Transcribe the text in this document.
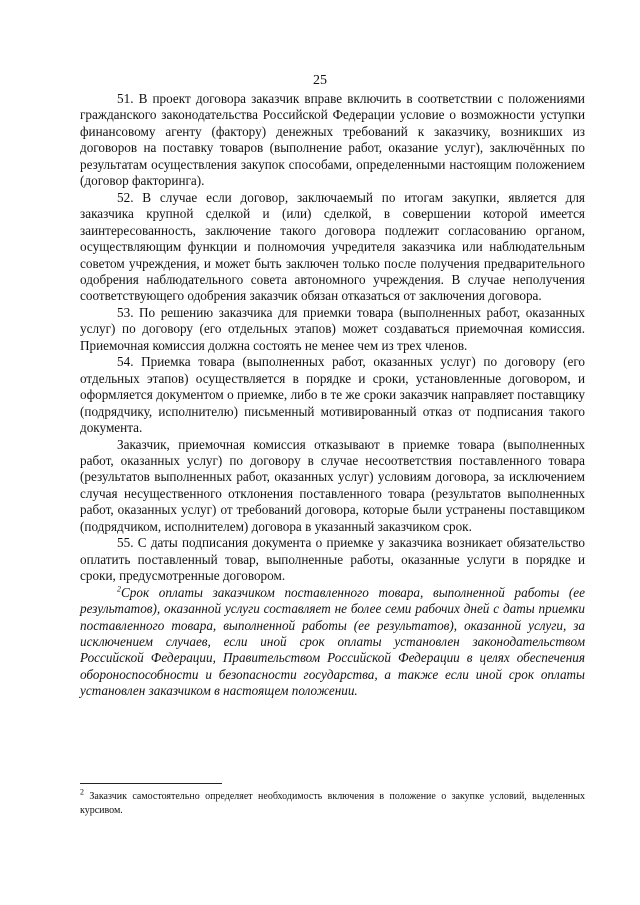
25

51. В проект договора заказчик вправе включить в соответствии с положениями гражданского законодательства Российской Федерации условие о возможности уступки финансовому агенту (фактору) денежных требований к заказчику, возникших из договоров на поставку товаров (выполнение работ, оказание услуг), заключённых по результатам осуществления закупок способами, определенными настоящим положением (договор факторинга).

52. В случае если договор, заключаемый по итогам закупки, является для заказчика крупной сделкой и (или) сделкой, в совершении которой имеется заинтересованность, заключение такого договора подлежит согласованию органом, осуществляющим функции и полномочия учредителя заказчика или наблюдательным советом учреждения, и может быть заключен только после получения предварительного одобрения наблюдательного совета автономного учреждения. В случае неполучения соответствующего одобрения заказчик обязан отказаться от заключения договора.

53. По решению заказчика для приемки товара (выполненных работ, оказанных услуг) по договору (его отдельных этапов) может создаваться приемочная комиссия. Приемочная комиссия должна состоять не менее чем из трех членов.

54. Приемка товара (выполненных работ, оказанных услуг) по договору (его отдельных этапов) осуществляется в порядке и сроки, установленные договором, и оформляется документом о приемке, либо в те же сроки заказчик направляет поставщику (подрядчику, исполнителю) письменный мотивированный отказ от подписания такого документа.

Заказчик, приемочная комиссия отказывают в приемке товара (выполненных работ, оказанных услуг) по договору в случае несоответствия поставленного товара (результатов выполненных работ, оказанных услуг) условиям договора, за исключением случая несущественного отклонения поставленного товара (результатов выполненных работ, оказанных услуг) от требований договора, которые были устранены поставщиком (подрядчиком, исполнителем) договора в указанный заказчиком срок.

55. С даты подписания документа о приемке у заказчика возникает обязательство оплатить поставленный товар, выполненные работы, оказанные услуги в порядке и сроки, предусмотренные договором.

$^2$Срок оплаты заказчиком поставленного товара, выполненной работы (ее результатов), оказанной услуги составляет не более семи рабочих дней с даты приемки поставленного товара, выполненной работы (ее результатов), оказанной услуги, за исключением случаев, если иной срок оплаты установлен законодательством Российской Федерации, Правительством Российской Федерации в целях обеспечения обороноспособности и безопасности государства, а также если иной срок оплаты установлен заказчиком в настоящем положении.

$^2$ Заказчик самостоятельно определяет необходимость включения в положение о закупке условий, выделенных курсивом.
